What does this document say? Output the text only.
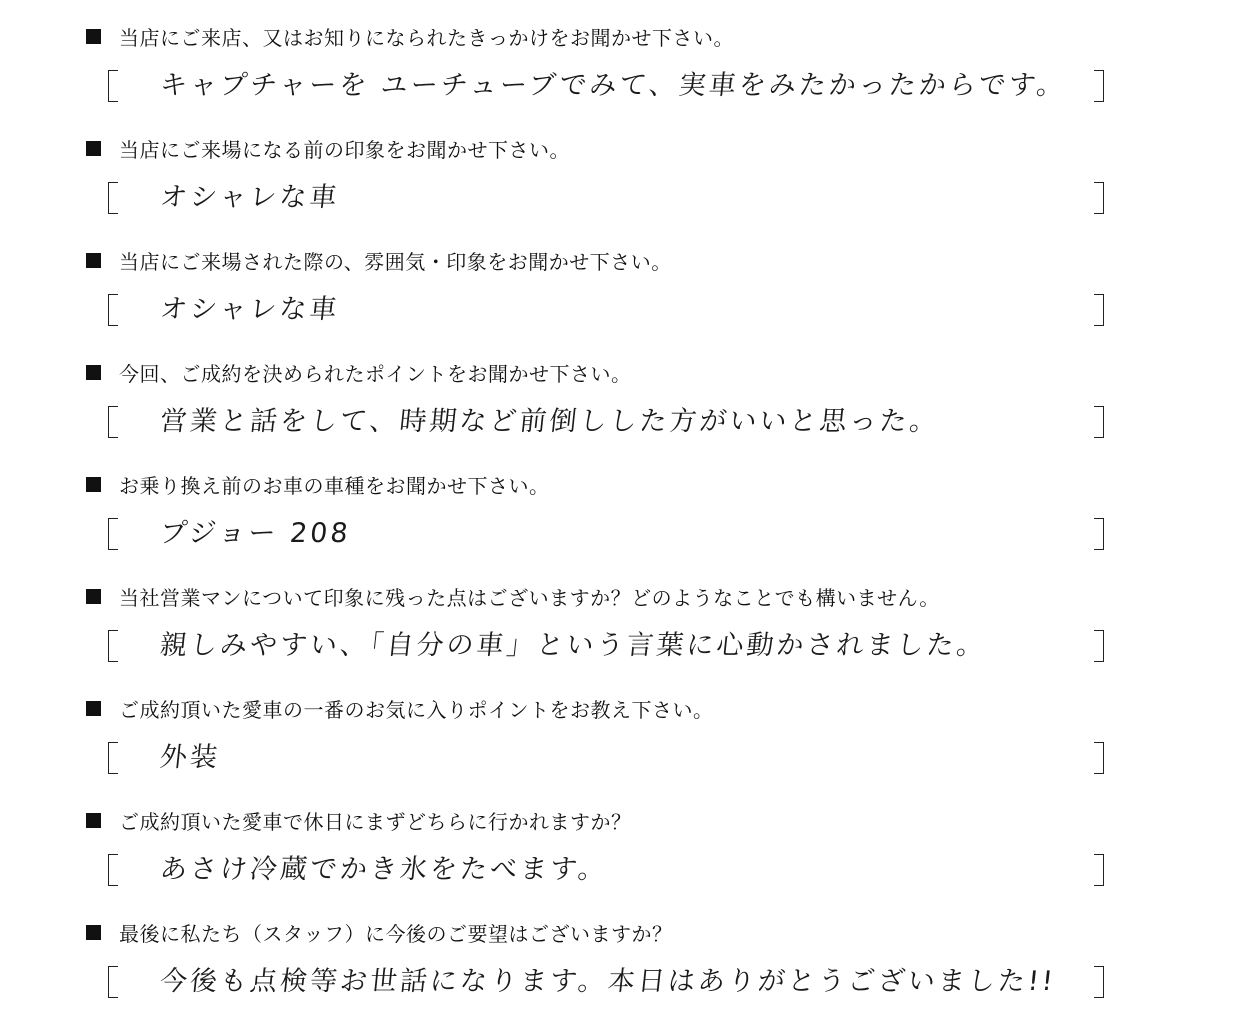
当店にご来店、又はお知りになられたきっかけをお聞かせ下さい。
キャプチャーを ユーチューブでみて、実車をみたかったからです。
当店にご来場になる前の印象をお聞かせ下さい。
オシャレな車
当店にご来場された際の、雰囲気・印象をお聞かせ下さい。
オシャレな車
今回、ご成約を決められたポイントをお聞かせ下さい。
営業と話をして、時期など前倒しした方がいいと思った。
お乗り換え前のお車の車種をお聞かせ下さい。
プジョー 208
当社営業マンについて印象に残った点はございますか？どのようなことでも構いません。
親しみやすい、「自分の車」という言葉に心動かされました。
ご成約頂いた愛車の一番のお気に入りポイントをお教え下さい。
外装
ご成約頂いた愛車で休日にまずどちらに行かれますか？
あさけ冷蔵でかき氷をたべます。
最後に私たち（スタッフ）に今後のご要望はございますか？
今後も点検等お世話になります。本日はありがとうございました!!
